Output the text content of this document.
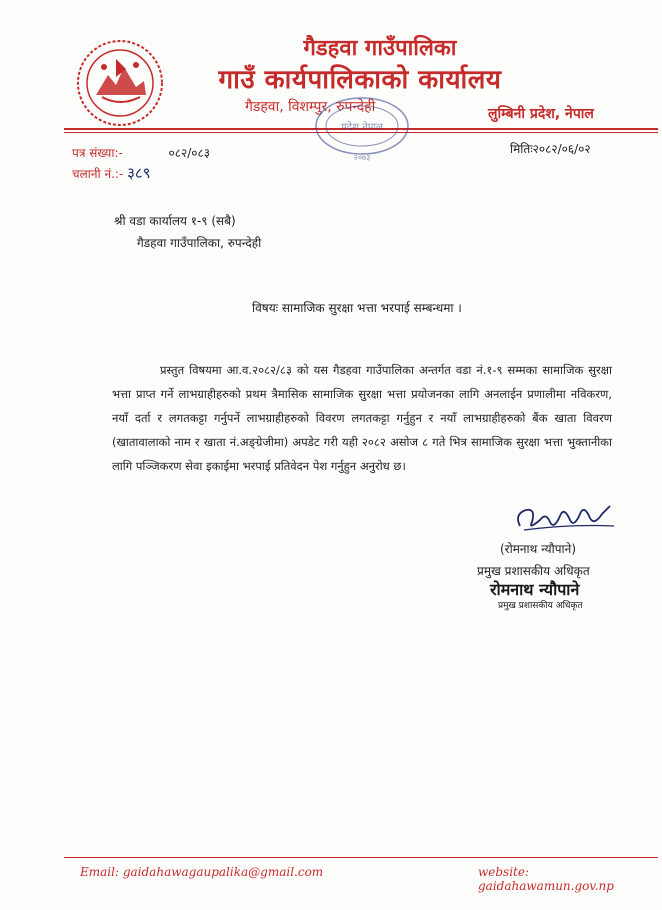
गैडहवा गाउँपालिका
गाउँ कार्यपालिकाको कार्यालय
गैडहवा, विशम्पुर, रुपन्देही	लुम्बिनी प्रदेश, नेपाल
प्रदेश नेपाल
२०७३
पत्र संख्या:-	०८२/०८३
चलानी नं.:- ३८९
मितिः२०८२/०६/०२
श्री वडा कार्यालय १-९ (सबै)
गैडहवा गाउँपालिका, रुपन्देही
विषयः सामाजिक सुरक्षा भत्ता भरपाई सम्बन्धमा ।
प्रस्तुत विषयमा आ.व.२०८२/८३ को यस गैडहवा गाउँपालिका अन्तर्गत वडा नं.१-९ सम्मका सामाजिक सुरक्षा भत्ता प्राप्त गर्ने लाभग्राहीहरुको प्रथम त्रैमासिक सामाजिक सुरक्षा भत्ता प्रयोजनका लागि अनलाईन प्रणालीमा नविकरण, नयाँ दर्ता र लगतकट्टा गर्नुपर्ने लाभग्राहीहरुको विवरण लगतकट्टा गर्नुहुन र नयाँ लाभग्राहीहरुको बैंक खाता विवरण (खातावालाको नाम र खाता नं.अङ्ग्रेजीमा) अपडेट गरी यही २०८२ असोज ८ गते भित्र सामाजिक सुरक्षा भत्ता भुक्तानीका लागि पञ्जिकरण सेवा इकाईमा भरपाई प्रतिवेदन पेश गर्नुहुन अनुरोध छ।
(रोमनाथ न्यौपाने)
प्रमुख प्रशासकीय अधिकृत
रोमनाथ न्यौपाने
प्रमुख प्रशासकीय अधिकृत
Email: gaidahawagaupalika@gmail.com	website: gaidahawamun.gov.np
